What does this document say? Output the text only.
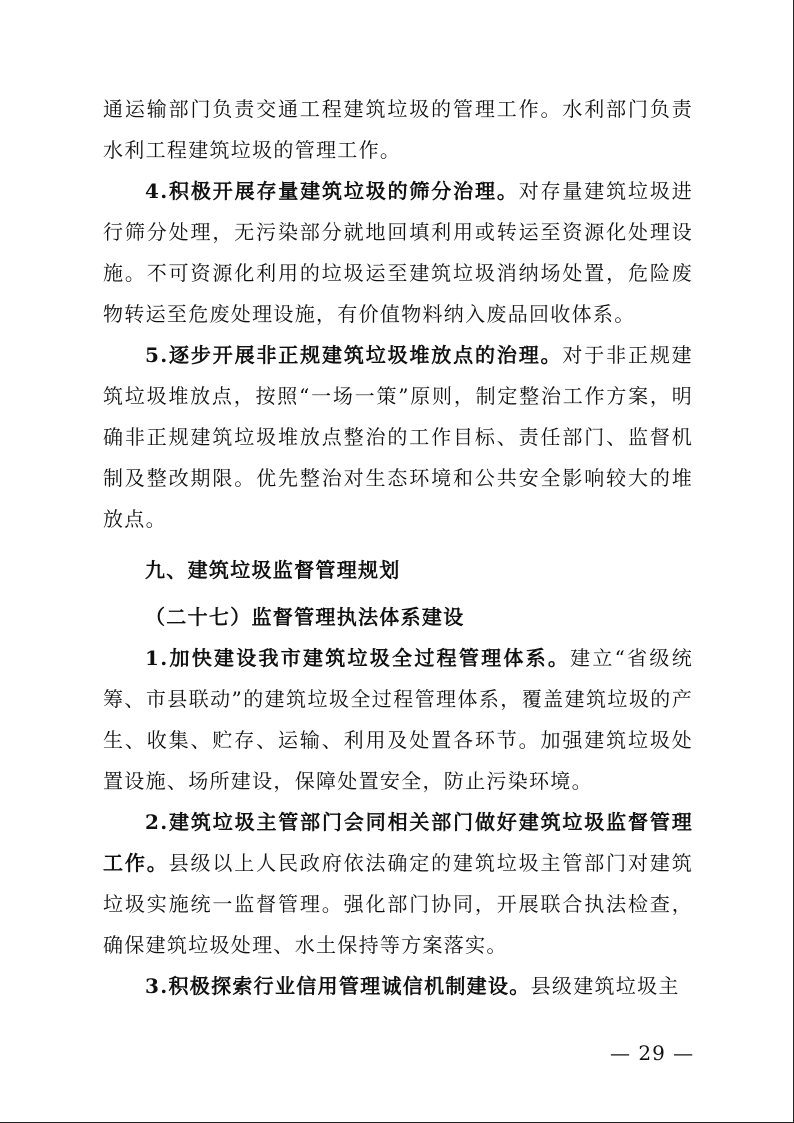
通运输部门负责交通工程建筑垃圾的管理工作。水利部门负责水利工程建筑垃圾的管理工作。

4.积极开展存量建筑垃圾的筛分治理。对存量建筑垃圾进行筛分处理，无污染部分就地回填利用或转运至资源化处理设施。不可资源化利用的垃圾运至建筑垃圾消纳场处置，危险废物转运至危废处理设施，有价值物料纳入废品回收体系。

5.逐步开展非正规建筑垃圾堆放点的治理。对于非正规建筑垃圾堆放点，按照“一场一策”原则，制定整治工作方案，明确非正规建筑垃圾堆放点整治的工作目标、责任部门、监督机制及整改期限。优先整治对生态环境和公共安全影响较大的堆放点。

九、建筑垃圾监督管理规划

（二十七）监督管理执法体系建设

1.加快建设我市建筑垃圾全过程管理体系。建立“省级统筹、市县联动”的建筑垃圾全过程管理体系，覆盖建筑垃圾的产生、收集、贮存、运输、利用及处置各环节。加强建筑垃圾处置设施、场所建设，保障处置安全，防止污染环境。

2.建筑垃圾主管部门会同相关部门做好建筑垃圾监督管理工作。县级以上人民政府依法确定的建筑垃圾主管部门对建筑垃圾实施统一监督管理。强化部门协同，开展联合执法检查，确保建筑垃圾处理、水土保持等方案落实。

3.积极探索行业信用管理诚信机制建设。县级建筑垃圾主

— 29 —
